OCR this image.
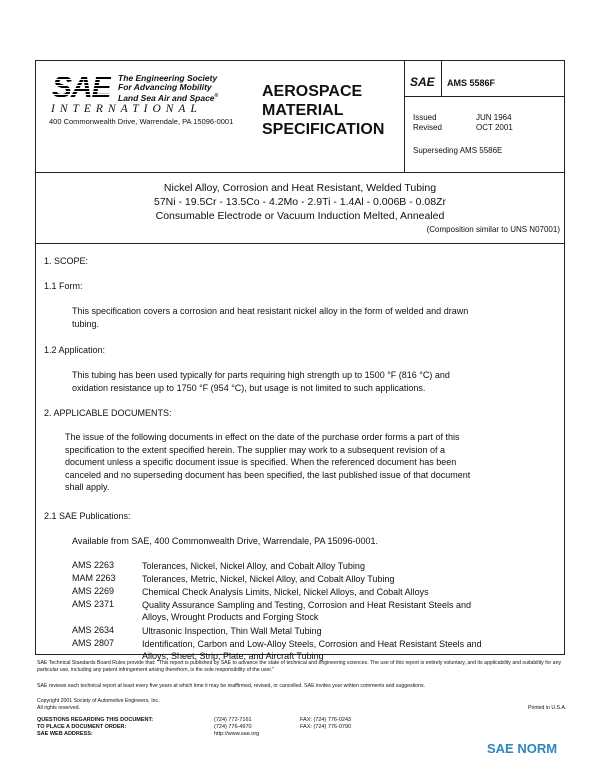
SAE The Engineering Society
For Advancing Mobility
Land Sea Air and Space®
INTERNATIONAL
400 Commonwealth Drive, Warrendale, PA 15096-0001
AEROSPACE
MATERIAL
SPECIFICATION
SAE AMS 5586F
Issued	JUN 1964
Revised	OCT 2001
Superseding AMS 5586E
Nickel Alloy, Corrosion and Heat Resistant, Welded Tubing
57Ni - 19.5Cr - 13.5Co - 4.2Mo - 2.9Ti - 1.4Al - 0.006B - 0.08Zr
Consumable Electrode or Vacuum Induction Melted, Annealed
(Composition similar to UNS N07001)
1. SCOPE:
1.1 Form:
This specification covers a corrosion and heat resistant nickel alloy in the form of welded and drawn
tubing.
1.2 Application:
This tubing has been used typically for parts requiring high strength up to 1500 °F (816 °C) and
oxidation resistance up to 1750 °F (954 °C), but usage is not limited to such applications.
2. APPLICABLE DOCUMENTS:
The issue of the following documents in effect on the date of the purchase order forms a part of this
specification to the extent specified herein. The supplier may work to a subsequent revision of a
document unless a specific document issue is specified. When the referenced document has been
canceled and no superseding document has been specified, the last published issue of that document
shall apply.
2.1 SAE Publications:
Available from SAE, 400 Commonwealth Drive, Warrendale, PA 15096-0001.
AMS 2263	Tolerances, Nickel, Nickel Alloy, and Cobalt Alloy Tubing
MAM 2263	Tolerances, Metric, Nickel, Nickel Alloy, and Cobalt Alloy Tubing
AMS 2269	Chemical Check Analysis Limits, Nickel, Nickel Alloys, and Cobalt Alloys
AMS 2371	Quality Assurance Sampling and Testing, Corrosion and Heat Resistant Steels and
Alloys, Wrought Products and Forging Stock
AMS 2634	Ultrasonic Inspection, Thin Wall Metal Tubing
AMS 2807	Identification, Carbon and Low-Alloy Steels, Corrosion and Heat Resistant Steels and
Alloys, Sheet, Strip, Plate, and Aircraft Tubing
SAE Technical Standards Board Rules provide that: "This report is published by SAE to advance the state of technical and engineering sciences. The use of this report is entirely voluntary, and its applicability and suitability for any particular use, including any patent infringement arising therefrom, is the sole responsibility of the user."
SAE reviews each technical report at least every five years at which time it may be reaffirmed, revised, or cancelled. SAE invites your written comments and suggestions.
Copyright 2001 Society of Automotive Engineers, Inc.
All rights reserved.	Printed in U.S.A.
QUESTIONS REGARDING THIS DOCUMENT:	(724) 772-7161	FAX: (724) 776-0243
TO PLACE A DOCUMENT ORDER:	(724) 776-4970	FAX: (724) 776-0790
SAE WEB ADDRESS:	http://www.sae.org
SAE NORM
